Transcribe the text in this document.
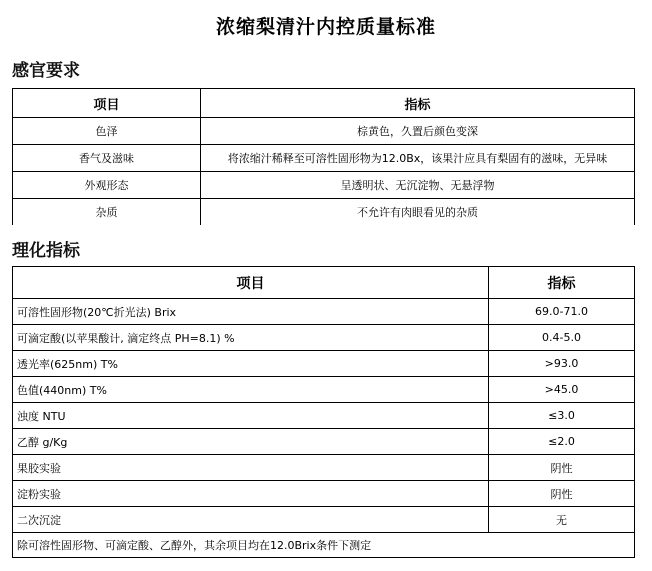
浓缩梨清汁内控质量标准
感官要求
项目	指标
色泽	棕黄色，久置后颜色变深
香气及滋味	将浓缩汁稀释至可溶性固形物为12.0Bx，该果汁应具有梨固有的滋味，无异味
外观形态	呈透明状、无沉淀物、无悬浮物
杂质	不允许有肉眼看见的杂质
理化指标
项目	指标
可溶性固形物(20℃折光法) Brix	69.0-71.0
可滴定酸(以苹果酸计, 滴定终点 PH=8.1) %	0.4-5.0
透光率(625nm) T%	>93.0
色值(440nm) T%	>45.0
浊度 NTU	≤3.0
乙醇 g/Kg	≤2.0
果胶实验	阴性
淀粉实验	阴性
二次沉淀	无
除可溶性固形物、可滴定酸、乙醇外，其余项目均在12.0Brix条件下测定	
